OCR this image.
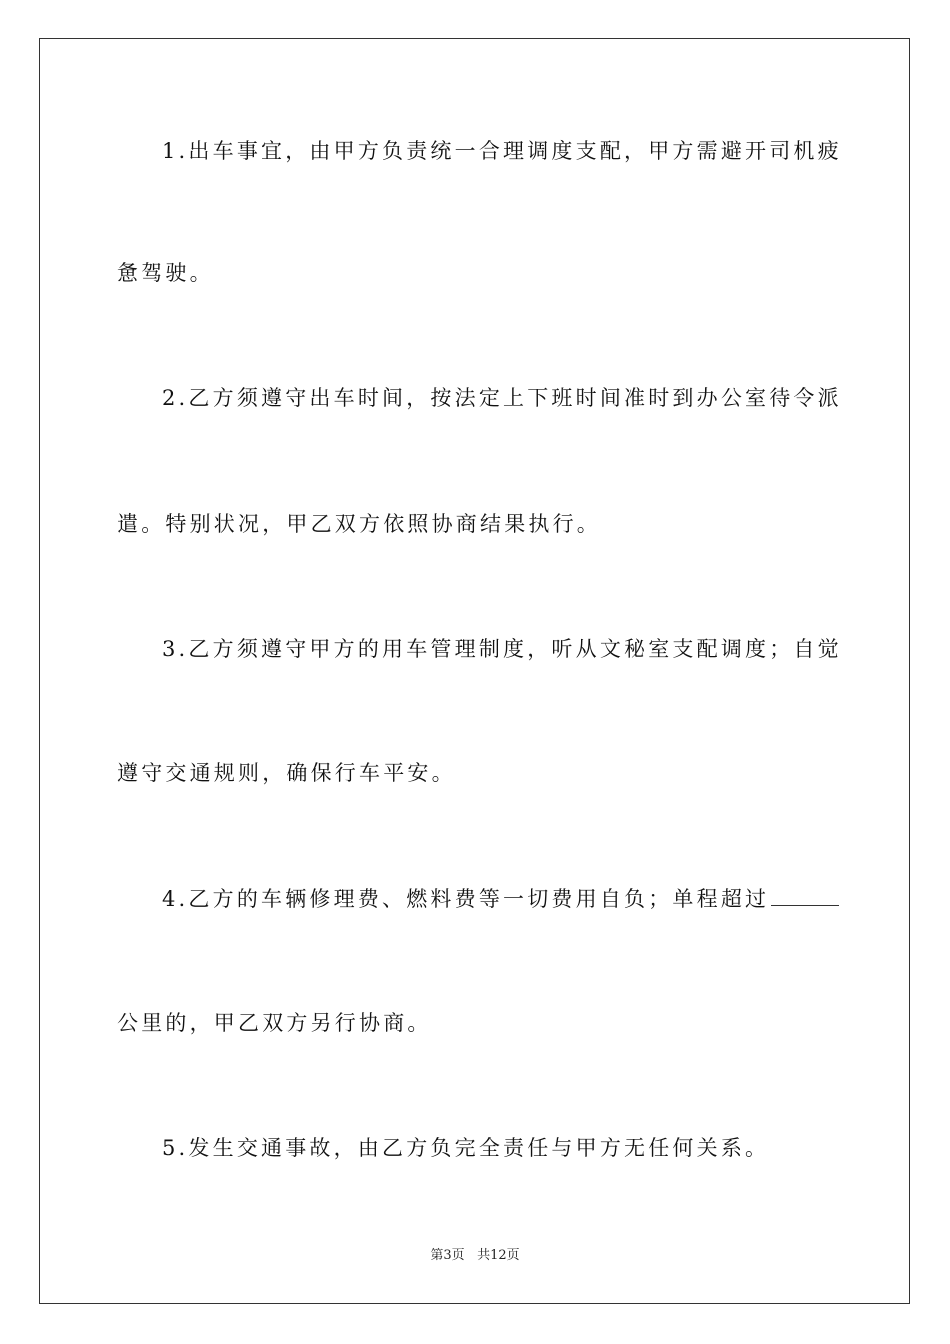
1.出车事宜，由甲方负责统一合理调度支配，甲方需避开司机疲
惫驾驶。
2.乙方须遵守出车时间，按法定上下班时间准时到办公室待令派
遣。特别状况，甲乙双方依照协商结果执行。
3.乙方须遵守甲方的用车管理制度，听从文秘室支配调度；自觉
遵守交通规则，确保行车平安。
4.乙方的车辆修理费、燃料费等一切费用自负；单程超过
公里的，甲乙双方另行协商。
5.发生交通事故，由乙方负完全责任与甲方无任何关系。
第3页 共12页
